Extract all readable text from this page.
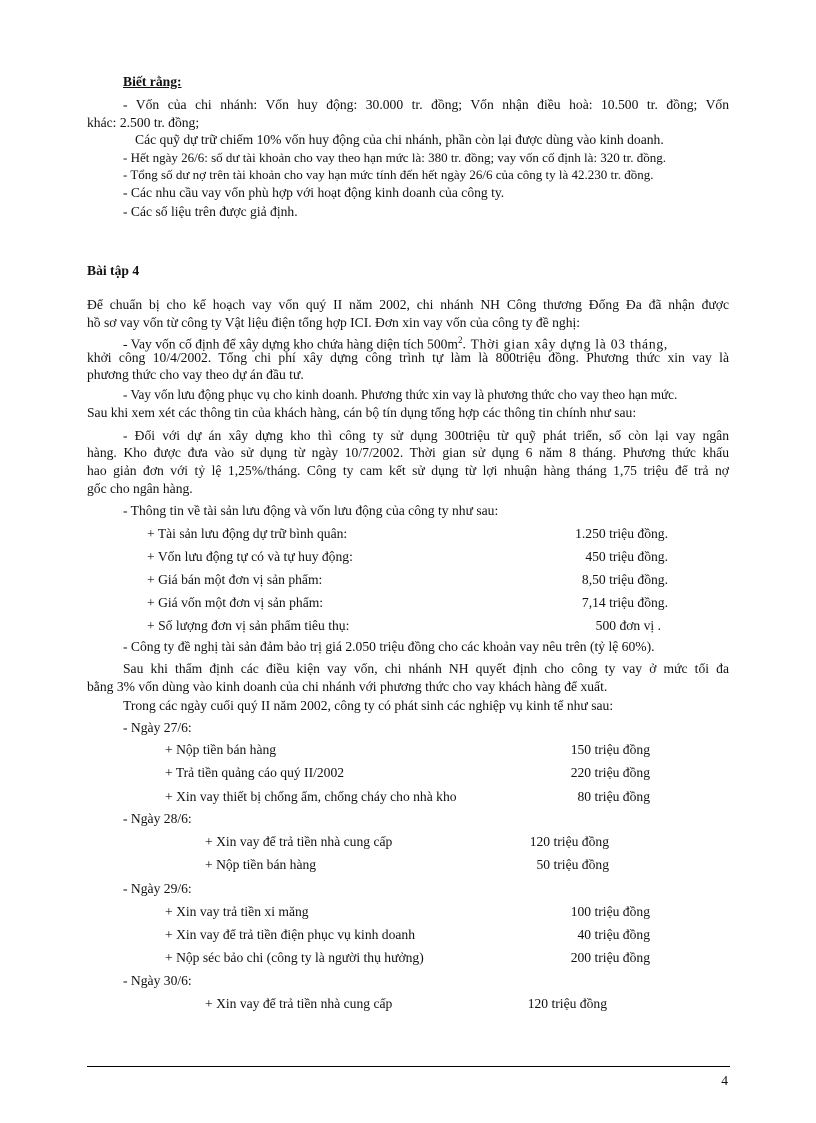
Biết rằng:
- Vốn của chi nhánh: Vốn huy động: 30.000 tr. đồng; Vốn nhận điều hoà: 10.500 tr. đồng; Vốn
khác: 2.500 tr. đồng;
Các quỹ dự trữ chiếm 10% vốn huy động của chi nhánh, phần còn lại được dùng vào kinh doanh.
- Hết ngày 26/6: số dư tài khoản cho vay theo hạn mức là: 380 tr. đồng; vay vốn cố định là: 320 tr. đồng.
- Tổng số dư nợ trên tài khoản cho vay hạn mức tính đến hết ngày 26/6 của công ty là 42.230 tr. đồng.
- Các nhu cầu vay vốn phù hợp với hoạt động kinh doanh của công ty.
- Các số liệu trên được giả định.
Bài tập 4
Để chuẩn bị cho kế hoạch vay vốn quý II năm 2002, chi nhánh NH Công thương Đống Đa đã nhận được
hồ sơ vay vốn từ công ty Vật liệu điện tổng hợp ICI. Đơn xin vay vốn của công ty đề nghị:
- Vay vốn cố định để xây dựng kho chứa hàng diện tích $500m^2$. Thời gian xây dựng là 03 tháng,
khởi công 10/4/2002. Tổng chi phí xây dựng công trình tự làm là 800triệu đồng. Phương thức xin vay là
phương thức cho vay theo dự án đầu tư.
- Vay vốn lưu động phục vụ cho kinh doanh. Phương thức xin vay là phương thức cho vay theo hạn mức.
Sau khi xem xét các thông tin của khách hàng, cán bộ tín dụng tổng hợp các thông tin chính như sau:
- Đối với dự án xây dựng kho thì công ty sử dụng 300triệu từ quỹ phát triển, số còn lại vay ngân
hàng. Kho được đưa vào sử dụng từ ngày 10/7/2002. Thời gian sử dụng 6 năm 8 tháng. Phương thức khấu
hao giản đơn với tỷ lệ 1,25%/tháng. Công ty cam kết sử dụng từ lợi nhuận hàng tháng 1,75 triệu để trả nợ
gốc cho ngân hàng.
- Thông tin về tài sản lưu động và vốn lưu động của công ty như sau:
+ Tài sản lưu động dự trữ bình quân:	1.250 triệu đồng.
+ Vốn lưu động tự có và tự huy động:	450 triệu đồng.
+ Giá bán một đơn vị sản phẩm:	8,50 triệu đồng.
+ Giá vốn một đơn vị sản phẩm:	7,14 triệu đồng.
+ Số lượng đơn vị sản phẩm tiêu thụ:	500 đơn vị .
- Công ty đề nghị tài sản đảm bảo trị giá 2.050 triệu đồng cho các khoản vay nêu trên (tỷ lệ 60%).
Sau khi thẩm định các điều kiện vay vốn, chi nhánh NH quyết định cho công ty vay ở mức tối đa
bằng 3% vốn dùng vào kinh doanh của chi nhánh với phương thức cho vay khách hàng để xuất.
Trong các ngày cuối quý II năm 2002, công ty có phát sinh các nghiệp vụ kinh tế như sau:
- Ngày 27/6:
+ Nộp tiền bán hàng	150 triệu đồng
+ Trả tiền quảng cáo quý II/2002	220 triệu đồng
+ Xin vay thiết bị chống ẩm, chống cháy cho nhà kho	80 triệu đồng
- Ngày 28/6:
+ Xin vay để trả tiền nhà cung cấp	120 triệu đồng
+ Nộp tiền bán hàng	50 triệu đồng
- Ngày 29/6:
+ Xin vay trả tiền xi măng	100 triệu đồng
+ Xin vay để trả tiền điện phục vụ kinh doanh	40 triệu đồng
+ Nộp séc bảo chi (công ty là người thụ hưởng)	200 triệu đồng
- Ngày 30/6:
+ Xin vay để trả tiền nhà cung cấp	120 triệu đồng
4
